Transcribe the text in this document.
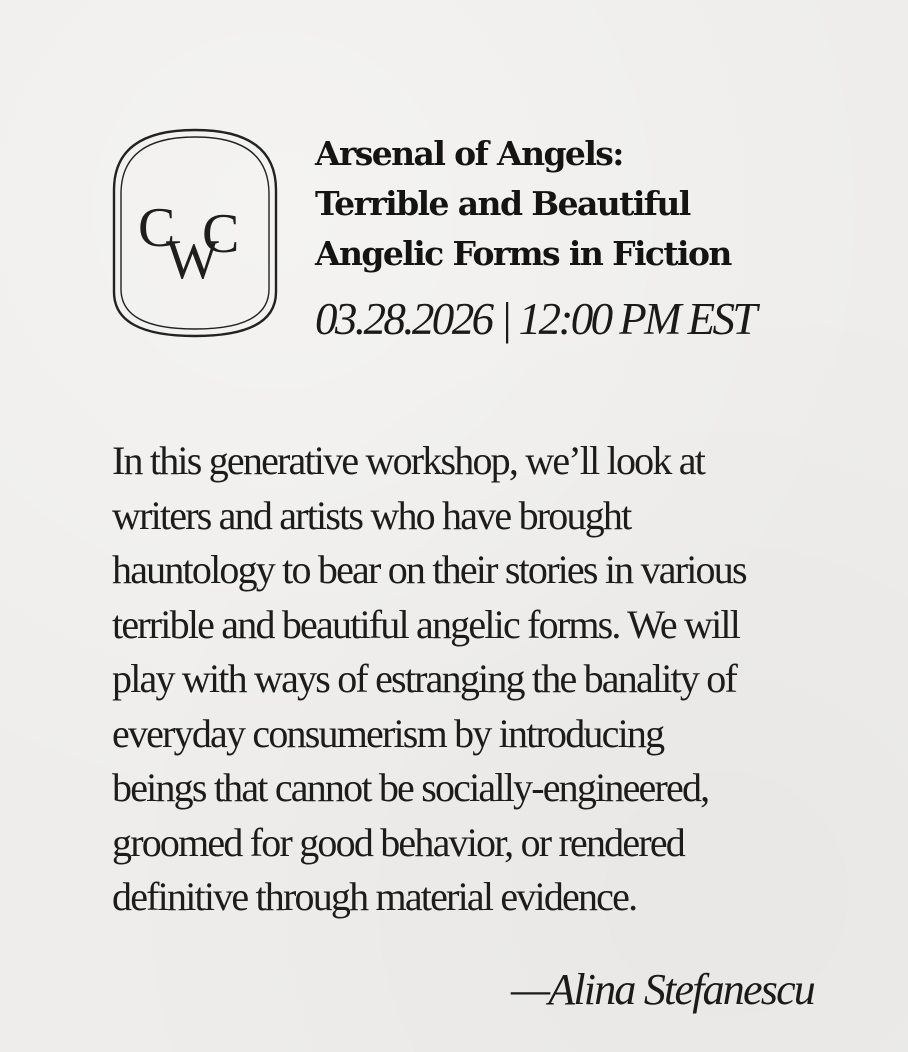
C
W
C
Arsenal of Angels:
Terrible and Beautiful
Angelic Forms in Fiction
03.28.2026 | 12:00 PM EST

In this generative workshop, we’ll look at
writers and artists who have brought
hauntology to bear on their stories in various
terrible and beautiful angelic forms. We will
play with ways of estranging the banality of
everyday consumerism by introducing
beings that cannot be socially-engineered,
groomed for good behavior, or rendered
definitive through material evidence.

—Alina Stefanescu
